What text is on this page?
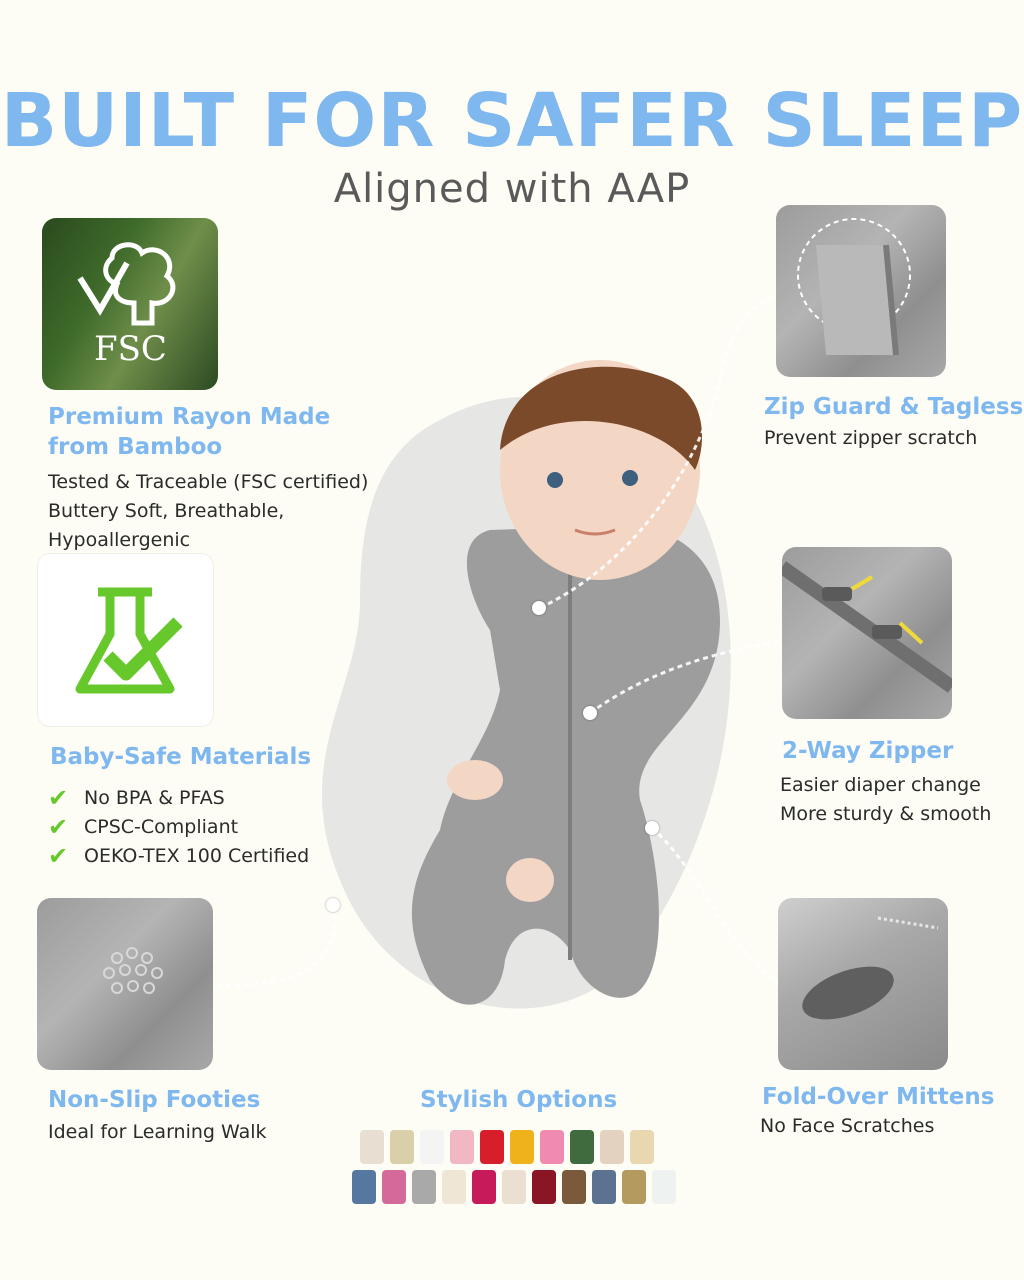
BUILT FOR SAFER SLEEP
Aligned with AAP
FSC
Premium Rayon Made
from Bamboo
Tested & Traceable (FSC certified)
Buttery Soft, Breathable, Hypoallergenic
Baby-Safe Materials
✔ No BPA & PFAS
✔ CPSC-Compliant
✔ OEKO-TEX 100 Certified
Non-Slip Footies
Ideal for Learning Walk
Zip Guard & Tagless
Prevent zipper scratch
2-Way Zipper
Easier diaper change
More sturdy & smooth
Fold-Over Mittens
No Face Scratches
Stylish Options
